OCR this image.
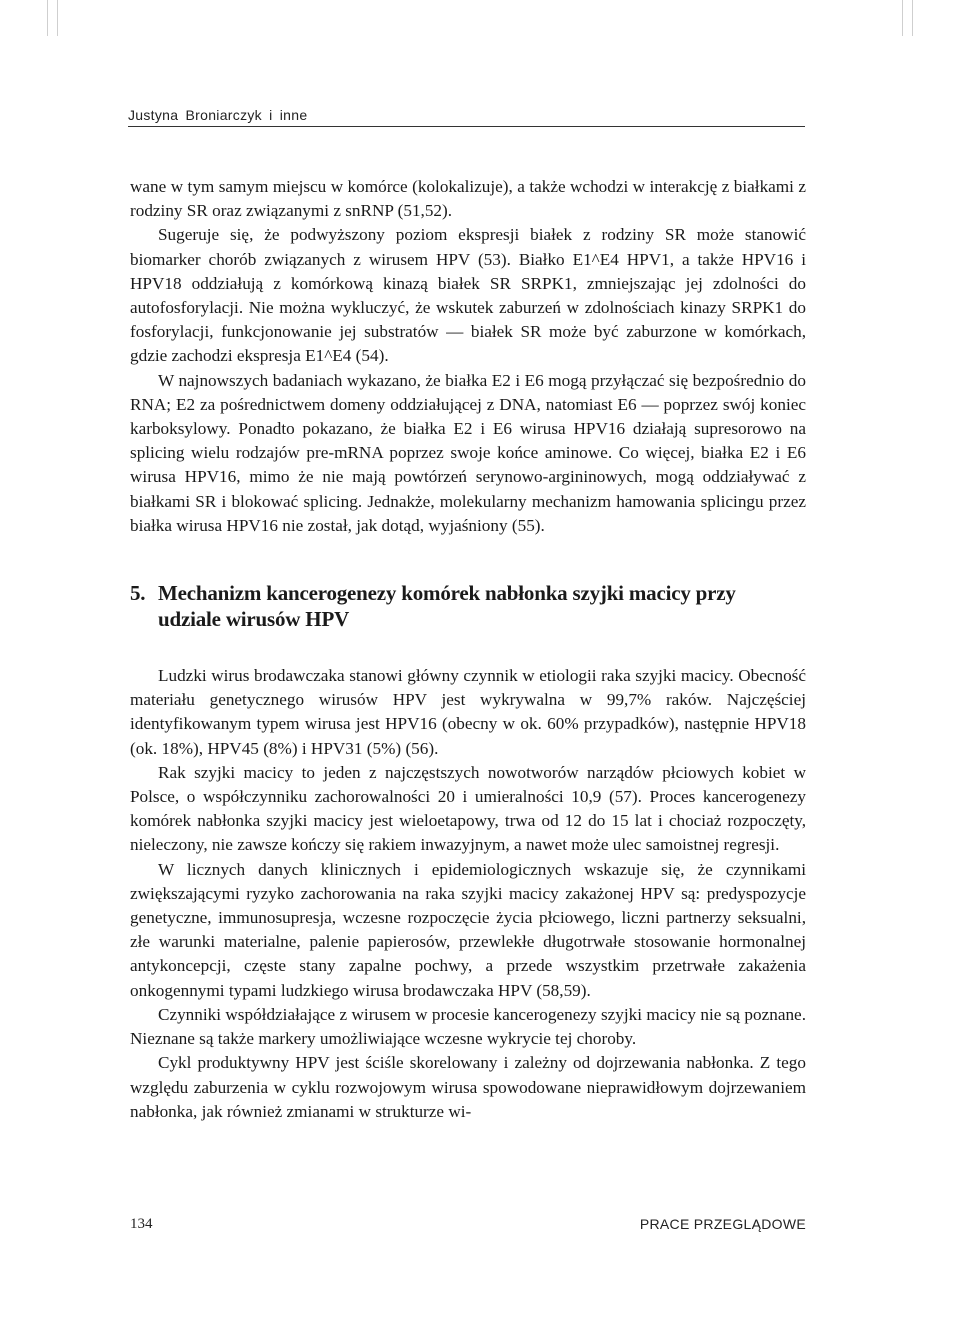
Justyna Broniarczyk i inne

wane w tym samym miejscu w komórce (kolokalizuje), a także wchodzi w interakcję z białkami z rodziny SR oraz związanymi z snRNP (51,52).

Sugeruje się, że podwyższony poziom ekspresji białek z rodziny SR może stanowić biomarker chorób związanych z wirusem HPV (53). Białko E1^E4 HPV1, a także HPV16 i HPV18 oddziałują z komórkową kinazą białek SR SRPK1, zmniejszając jej zdolności do autofosforylacji. Nie można wykluczyć, że wskutek zaburzeń w zdolnościach kinazy SRPK1 do fosforylacji, funkcjonowanie jej substratów — białek SR może być zaburzone w komórkach, gdzie zachodzi ekspresja E1^E4 (54).

W najnowszych badaniach wykazano, że białka E2 i E6 mogą przyłączać się bezpośrednio do RNA; E2 za pośrednictwem domeny oddziałującej z DNA, natomiast E6 — poprzez swój koniec karboksylowy. Ponadto pokazano, że białka E2 i E6 wirusa HPV16 działają supresorowo na splicing wielu rodzajów pre-mRNA poprzez swoje końce aminowe. Co więcej, białka E2 i E6 wirusa HPV16, mimo że nie mają powtórzeń serynowo-argininowych, mogą oddziaływać z białkami SR i blokować splicing. Jednakże, molekularny mechanizm hamowania splicingu przez białka wirusa HPV16 nie został, jak dotąd, wyjaśniony (55).

5. Mechanizm kancerogenezy komórek nabłonka szyjki macicy przy udziale wirusów HPV

Ludzki wirus brodawczaka stanowi główny czynnik w etiologii raka szyjki macicy. Obecność materiału genetycznego wirusów HPV jest wykrywalna w 99,7% raków. Najczęściej identyfikowanym typem wirusa jest HPV16 (obecny w ok. 60% przypadków), następnie HPV18 (ok. 18%), HPV45 (8%) i HPV31 (5%) (56).

Rak szyjki macicy to jeden z najczęstszych nowotworów narządów płciowych kobiet w Polsce, o współczynniku zachorowalności 20 i umieralności 10,9 (57). Proces kancerogenezy komórek nabłonka szyjki macicy jest wieloetapowy, trwa od 12 do 15 lat i chociaż rozpoczęty, nieleczony, nie zawsze kończy się rakiem inwazyjnym, a nawet może ulec samoistnej regresji.

W licznych danych klinicznych i epidemiologicznych wskazuje się, że czynnikami zwiększającymi ryzyko zachorowania na raka szyjki macicy zakażonej HPV są: predyspozycje genetyczne, immunosupresja, wczesne rozpoczęcie życia płciowego, liczni partnerzy seksualni, złe warunki materialne, palenie papierosów, przewlekłe długotrwałe stosowanie hormonalnej antykoncepcji, częste stany zapalne pochwy, a przede wszystkim przetrwałe zakażenia onkogennymi typami ludzkiego wirusa brodawczaka HPV (58,59).

Czynniki współdziałające z wirusem w procesie kancerogenezy szyjki macicy nie są poznane. Nieznane są także markery umożliwiające wczesne wykrycie tej choroby.

Cykl produktywny HPV jest ściśle skorelowany i zależny od dojrzewania nabłonka. Z tego względu zaburzenia w cyklu rozwojowym wirusa spowodowane nieprawidłowym dojrzewaniem nabłonka, jak również zmianami w strukturze wi-

134	PRACE PRZEGLĄDOWE
